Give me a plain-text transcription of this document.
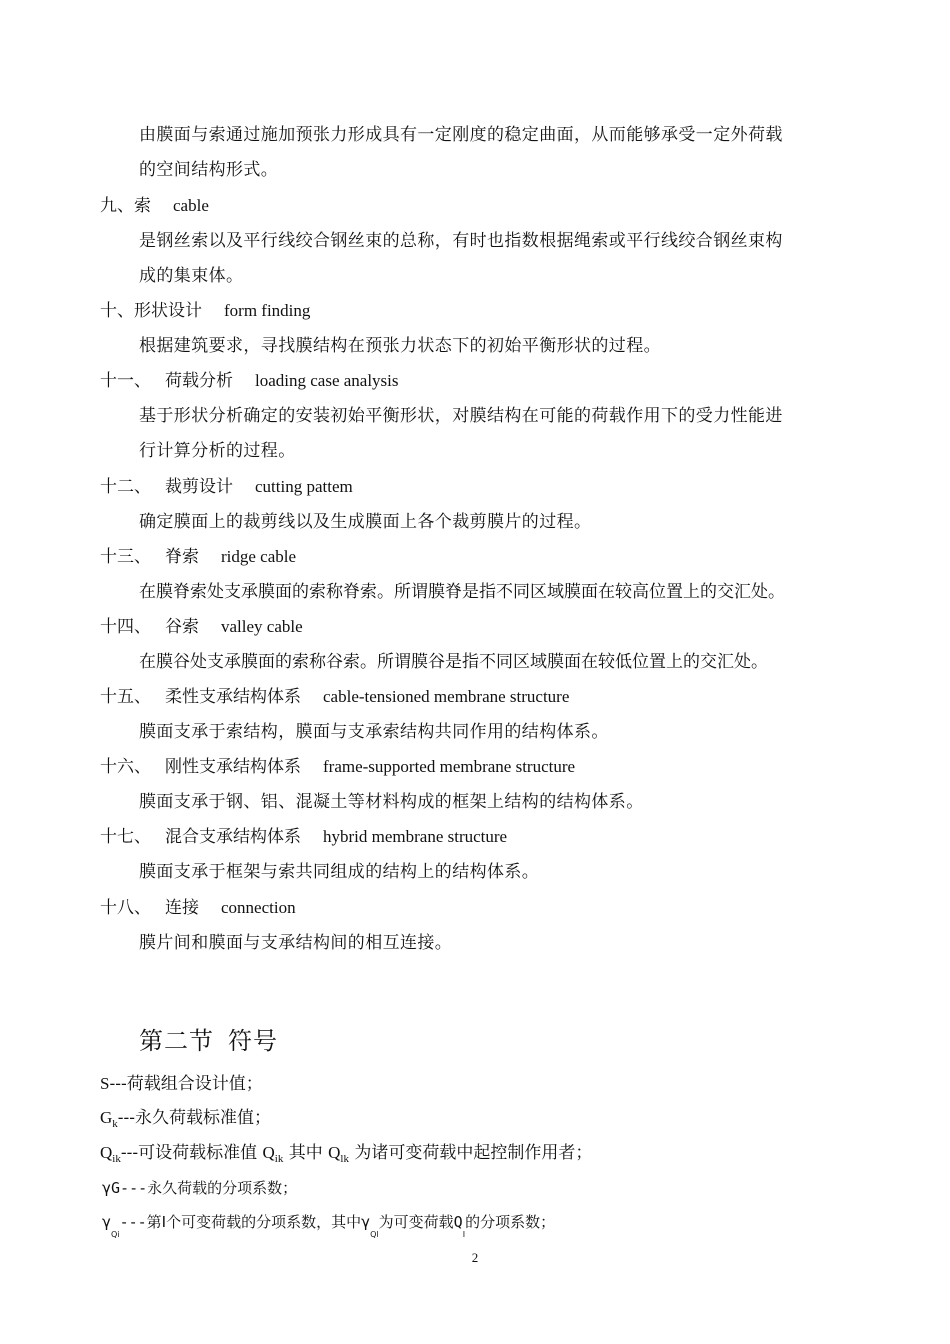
由膜面与索通过施加预张力形成具有一定刚度的稳定曲面，从而能够承受一定外荷载
的空间结构形式。
九、索 cable
是钢丝索以及平行线绞合钢丝束的总称，有时也指数根据绳索或平行线绞合钢丝束构
成的集束体。
十、形状设计 form finding
根据建筑要求，寻找膜结构在预张力状态下的初始平衡形状的过程。
十一、 荷载分析 loading case analysis
基于形状分析确定的安装初始平衡形状，对膜结构在可能的荷载作用下的受力性能进
行计算分析的过程。
十二、 裁剪设计 cutting pattem
确定膜面上的裁剪线以及生成膜面上各个裁剪膜片的过程。
十三、 脊索 ridge cable
在膜脊索处支承膜面的索称脊索。所谓膜脊是指不同区域膜面在较高位置上的交汇处。
十四、 谷索 valley cable
在膜谷处支承膜面的索称谷索。所谓膜谷是指不同区域膜面在较低位置上的交汇处。
十五、 柔性支承结构体系 cable-tensioned membrane structure
膜面支承于索结构，膜面与支承索结构共同作用的结构体系。
十六、 刚性支承结构体系 frame-supported membrane structure
膜面支承于钢、铝、混凝土等材料构成的框架上结构的结构体系。
十七、 混合支承结构体系 hybrid membrane structure
膜面支承于框架与索共同组成的结构上的结构体系。
十八、 连接 connection
膜片间和膜面与支承结构间的相互连接。
第二节 符号
S---荷载组合设计值；
$G_k---$永久荷载标准值；
$Q_{ik}---$可设荷载标准值 $Q_{ik}$ 其中 $Q_{lk}$ 为诸可变荷载中起控制作用者；
γG---永久荷载的分项系数；
$\gamma_{Qi}---$第Ⅰ个可变荷载的分项系数，其中$\gamma_{Ql}$为可变荷载$Q_I$的分项系数；
2
